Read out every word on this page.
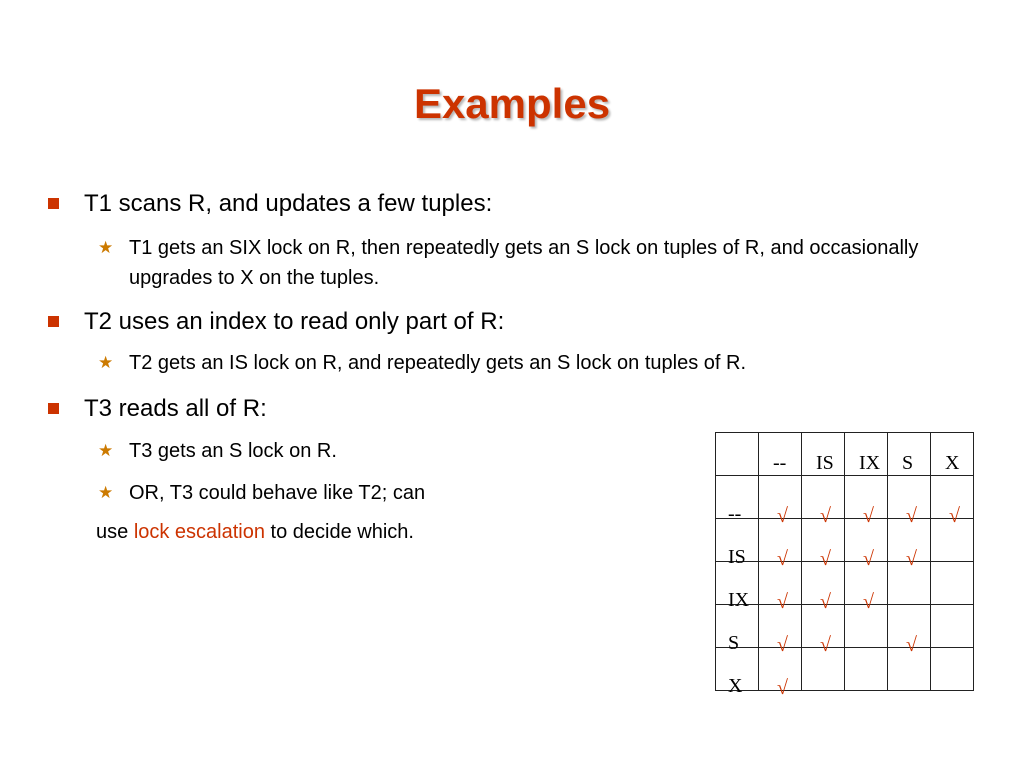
Examples
T1 scans R, and updates a few tuples:
★ T1 gets an SIX lock on R, then repeatedly gets an S lock on tuples of R, and occasionally upgrades to X on the tuples.
T2 uses an index to read only part of R:
★ T2 gets an IS lock on R, and repeatedly gets an S lock on tuples of R.
T3 reads all of R:
★ T3 gets an S lock on R.
★ OR, T3 could behave like T2; can
use lock escalation to decide which.

	--	IS	IX	S	X

--	√	√	√	√	√

IS	√	√	√	√	

IX	√	√	√		

S	√	√		√	

X	√				
